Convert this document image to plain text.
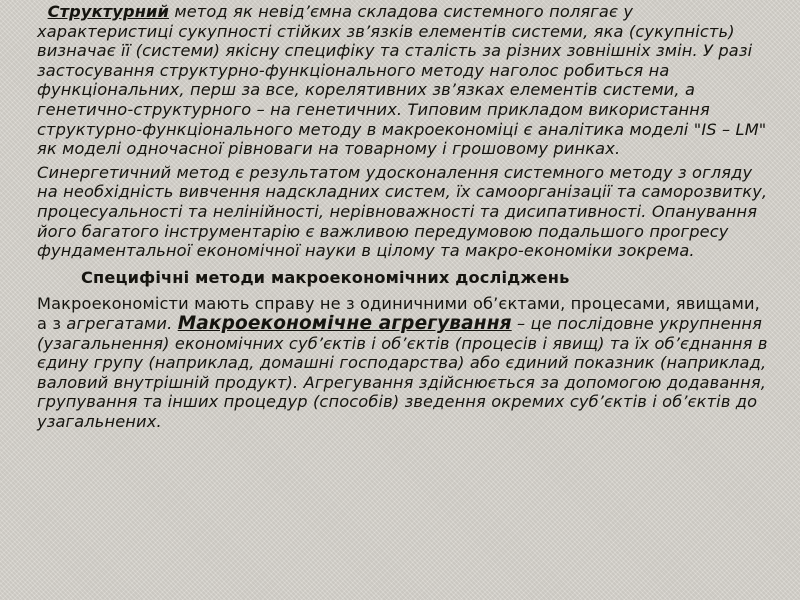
Структурний метод як невід’ємна складова системного полягає у характеристиці сукупності стійких зв’язків елементів системи, яка (сукупність) визначає її (системи) якісну специфіку та сталість за різних зовнішніх змін. У разі застосування структурно-функціонального методу наголос робиться на функціональних, перш за все, корелятивних зв’язках елементів системи, а генетично-структурного – на генетичних. Типовим прикладом використання структурно-функціонального методу в макроекономіці є аналітика моделі "IS – LM" як моделі одночасної рівноваги на товарному і грошовому ринках.

Синергетичний метод є результатом удосконалення системного методу з огляду на необхідність вивчення надскладних систем, їх самоорганізації та саморозвитку, процесуальності та нелінійності, нерівноважності та дисипативності. Опанування його багатого інструментарію є важливою передумовою подальшого прогресу фундаментальної економічної науки в цілому та макро-економіки зокрема.

Специфічні методи макроекономічних досліджень

Макроекономісти мають справу не з одиничними об’єктами, процесами, явищами, а з агрегатами. Макроекономічне агрегування – це послідовне укрупнення (узагальнення) економічних суб’єктів і об’єктів (процесів і явищ) та їх об’єднання в єдину групу (наприклад, домашні господарства) або єдиний показник (наприклад, валовий внутрішній продукт). Агрегування здійснюється за допомогою додавання, групування та інших процедур (способів) зведення окремих суб’єктів і об’єктів до узагальнених.
